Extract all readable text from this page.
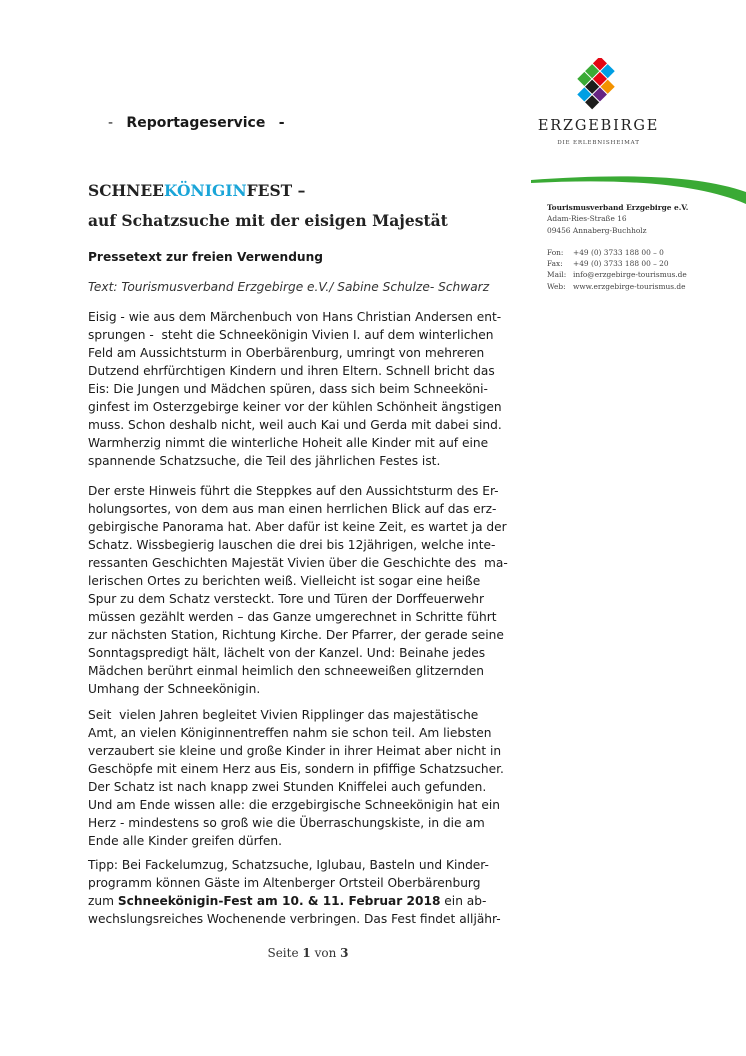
- Reportageservice -	ERZGEBIRGE
DIE ERLEBNISHEIMAT
Tourismusverband Erzgebirge e.V.
Adam-Ries-Straße 16
09456 Annaberg-Buchholz
Fon: +49 (0) 3733 188 00 – 0
Fax: +49 (0) 3733 188 00 – 20
Mail: info@erzgebirge-tourismus.de
Web: www.erzgebirge-tourismus.de
SCHNEEKÖNIGINFEST –
auf Schatzsuche mit der eisigen Majestät
Pressetext zur freien Verwendung
Text: Tourismusverband Erzgebirge e.V./ Sabine Schulze- Schwarz
Eisig - wie aus dem Märchenbuch von Hans Christian Andersen ent-
sprungen -  steht die Schneekönigin Vivien I. auf dem winterlichen
Feld am Aussichtsturm in Oberbärenburg, umringt von mehreren
Dutzend ehrfürchtigen Kindern und ihren Eltern. Schnell bricht das
Eis: Die Jungen und Mädchen spüren, dass sich beim Schneeköni-
ginfest im Osterzgebirge keiner vor der kühlen Schönheit ängstigen
muss. Schon deshalb nicht, weil auch Kai und Gerda mit dabei sind.
Warmherzig nimmt die winterliche Hoheit alle Kinder mit auf eine
spannende Schatzsuche, die Teil des jährlichen Festes ist.
Der erste Hinweis führt die Steppkes auf den Aussichtsturm des Er-
holungsortes, von dem aus man einen herrlichen Blick auf das erz-
gebirgische Panorama hat. Aber dafür ist keine Zeit, es wartet ja der
Schatz. Wissbegierig lauschen die drei bis 12jährigen, welche inte-
ressanten Geschichten Majestät Vivien über die Geschichte des  ma-
lerischen Ortes zu berichten weiß. Vielleicht ist sogar eine heiße
Spur zu dem Schatz versteckt. Tore und Türen der Dorffeuerwehr
müssen gezählt werden – das Ganze umgerechnet in Schritte führt
zur nächsten Station, Richtung Kirche. Der Pfarrer, der gerade seine
Sonntagspredigt hält, lächelt von der Kanzel. Und: Beinahe jedes
Mädchen berührt einmal heimlich den schneeweißen glitzernden
Umhang der Schneekönigin.
Seit  vielen Jahren begleitet Vivien Ripplinger das majestätische
Amt, an vielen Königinnentreffen nahm sie schon teil. Am liebsten
verzaubert sie kleine und große Kinder in ihrer Heimat aber nicht in
Geschöpfe mit einem Herz aus Eis, sondern in pfiffige Schatzsucher.
Der Schatz ist nach knapp zwei Stunden Kniffelei auch gefunden.
Und am Ende wissen alle: die erzgebirgische Schneekönigin hat ein
Herz - mindestens so groß wie die Überraschungskiste, in die am
Ende alle Kinder greifen dürfen.
Tipp: Bei Fackelumzug, Schatzsuche, Iglubau, Basteln und Kinder-
programm können Gäste im Altenberger Ortsteil Oberbärenburg
zum Schneekönigin-Fest am 10. & 11. Februar 2018 ein ab-
wechslungsreiches Wochenende verbringen. Das Fest findet alljähr-
Seite 1 von 3
